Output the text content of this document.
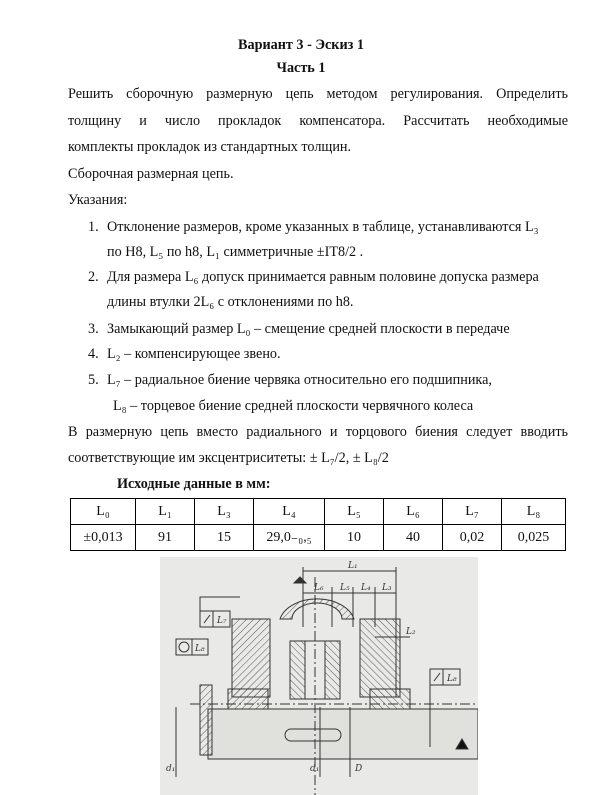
Вариант 3 - Эскиз 1
Часть 1
Решить сборочную размерную цепь методом регулирования. Определить
толщину и число прокладок компенсатора. Рассчитать необходимые
комплекты прокладок из стандартных толщин.
Сборочная размерная цепь.
Указания:
1. Отклонение размеров, кроме указанных в таблице, устанавливаются L₃
по H8, L₅ по h8, L₁ симметричные ±IT8/2 .
2. Для размера L₆ допуск принимается равным половине допуска размера
длины втулки 2L₆ с отклонениями по h8.
3. Замыкающий размер L₀ – смещение средней плоскости в передаче
4. L₂ – компенсирующее звено.
5. L₇ – радиальное биение червяка относительно его подшипника,
L₈ – торцевое биение средней плоскости червячного колеса
В размерную цепь вместо радиального и торцового биения следует вводить
соответствующие им эксцентриситеты: ± L₇/2, ± L₈/2
Исходные данные в мм:
L₀	L₁	L₃	L₄	L₅	L₆	L₇	L₈
±0,013	91	15	29,0₋₀,₅	10	40	0,02	0,025
L₁
L₆ L₅ L₄ L₃
L₂
L₇
L₈
L₈
d₁	d₁	D
